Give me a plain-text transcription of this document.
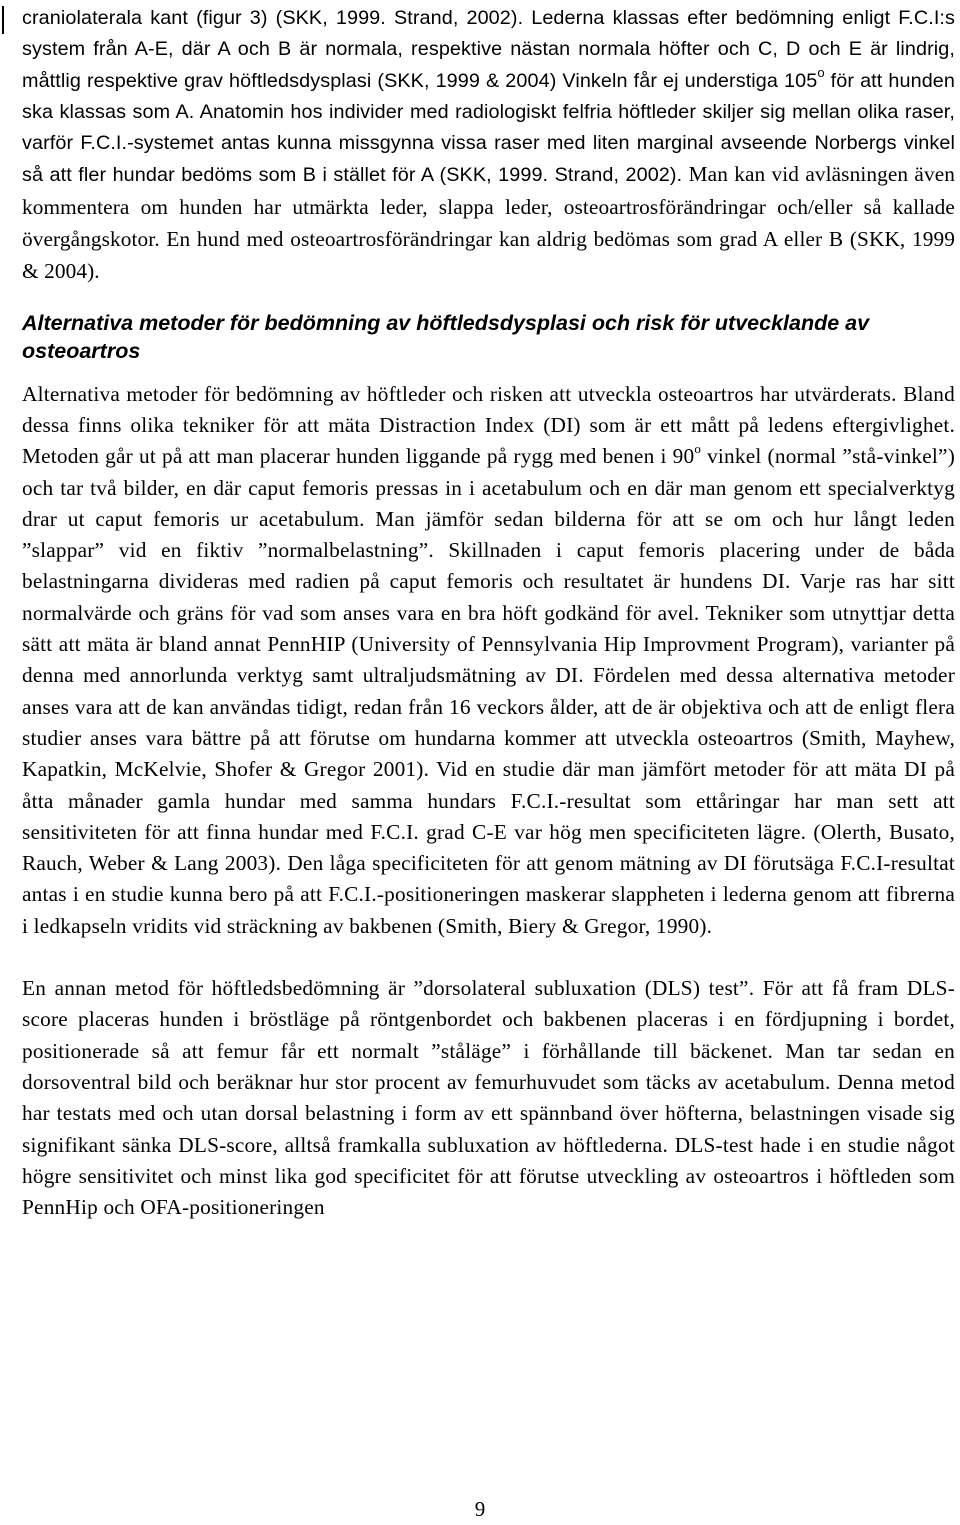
craniolaterala kant (figur 3) (SKK, 1999. Strand, 2002). Lederna klassas efter bedömning enligt F.C.I:s system från A-E, där A och B är normala, respektive nästan normala höfter och C, D och E är lindrig, måttlig respektive grav höftledsdysplasi (SKK, 1999 & 2004) Vinkeln får ej understiga 105$^o$ för att hunden ska klassas som A. Anatomin hos individer med radiologiskt felfria höftleder skiljer sig mellan olika raser, varför F.C.I.-systemet antas kunna missgynna vissa raser med liten marginal avseende Norbergs vinkel så att fler hundar bedöms som B i stället för A (SKK, 1999. Strand, 2002). Man kan vid avläsningen även kommentera om hunden har utmärkta leder, slappa leder, osteoartrosförändringar och/eller så kallade övergångskotor. En hund med osteoartrosförändringar kan aldrig bedömas som grad A eller B (SKK, 1999 & 2004).

Alternativa metoder för bedömning av höftledsdysplasi och risk för utvecklande av osteoartros

Alternativa metoder för bedömning av höftleder och risken att utveckla osteoartros har utvärderats. Bland dessa finns olika tekniker för att mäta Distraction Index (DI) som är ett mått på ledens eftergivlighet. Metoden går ut på att man placerar hunden liggande på rygg med benen i 90$^o$ vinkel (normal ”stå-vinkel”) och tar två bilder, en där caput femoris pressas in i acetabulum och en där man genom ett specialverktyg drar ut caput femoris ur acetabulum. Man jämför sedan bilderna för att se om och hur långt leden ”slappar” vid en fiktiv ”normalbelastning”. Skillnaden i caput femoris placering under de båda belastningarna divideras med radien på caput femoris och resultatet är hundens DI. Varje ras har sitt normalvärde och gräns för vad som anses vara en bra höft godkänd för avel. Tekniker som utnyttjar detta sätt att mäta är bland annat PennHIP (University of Pennsylvania Hip Improvment Program), varianter på denna med annorlunda verktyg samt ultraljudsmätning av DI. Fördelen med dessa alternativa metoder anses vara att de kan användas tidigt, redan från 16 veckors ålder, att de är objektiva och att de enligt flera studier anses vara bättre på att förutse om hundarna kommer att utveckla osteoartros (Smith, Mayhew, Kapatkin, McKelvie, Shofer & Gregor 2001). Vid en studie där man jämfört metoder för att mäta DI på åtta månader gamla hundar med samma hundars F.C.I.-resultat som ettåringar har man sett att sensitiviteten för att finna hundar med F.C.I. grad C-E var hög men specificiteten lägre. (Olerth, Busato, Rauch, Weber & Lang 2003). Den låga specificiteten för att genom mätning av DI förutsäga F.C.I-resultat antas i en studie kunna bero på att F.C.I.-positioneringen maskerar slappheten i lederna genom att fibrerna i ledkapseln vridits vid sträckning av bakbenen (Smith, Biery & Gregor, 1990).

En annan metod för höftledsbedömning är ”dorsolateral subluxation (DLS) test”. För att få fram DLS-score placeras hunden i bröstläge på röntgenbordet och bakbenen placeras i en fördjupning i bordet, positionerade så att femur får ett normalt ”ståläge” i förhållande till bäckenet. Man tar sedan en dorsoventral bild och beräknar hur stor procent av femurhuvudet som täcks av acetabulum. Denna metod har testats med och utan dorsal belastning i form av ett spännband över höfterna, belastningen visade sig signifikant sänka DLS-score, alltså framkalla subluxation av höftlederna. DLS-test hade i en studie något högre sensitivitet och minst lika god specificitet för att förutse utveckling av osteoartros i höftleden som PennHip och OFA-positioneringen

9
